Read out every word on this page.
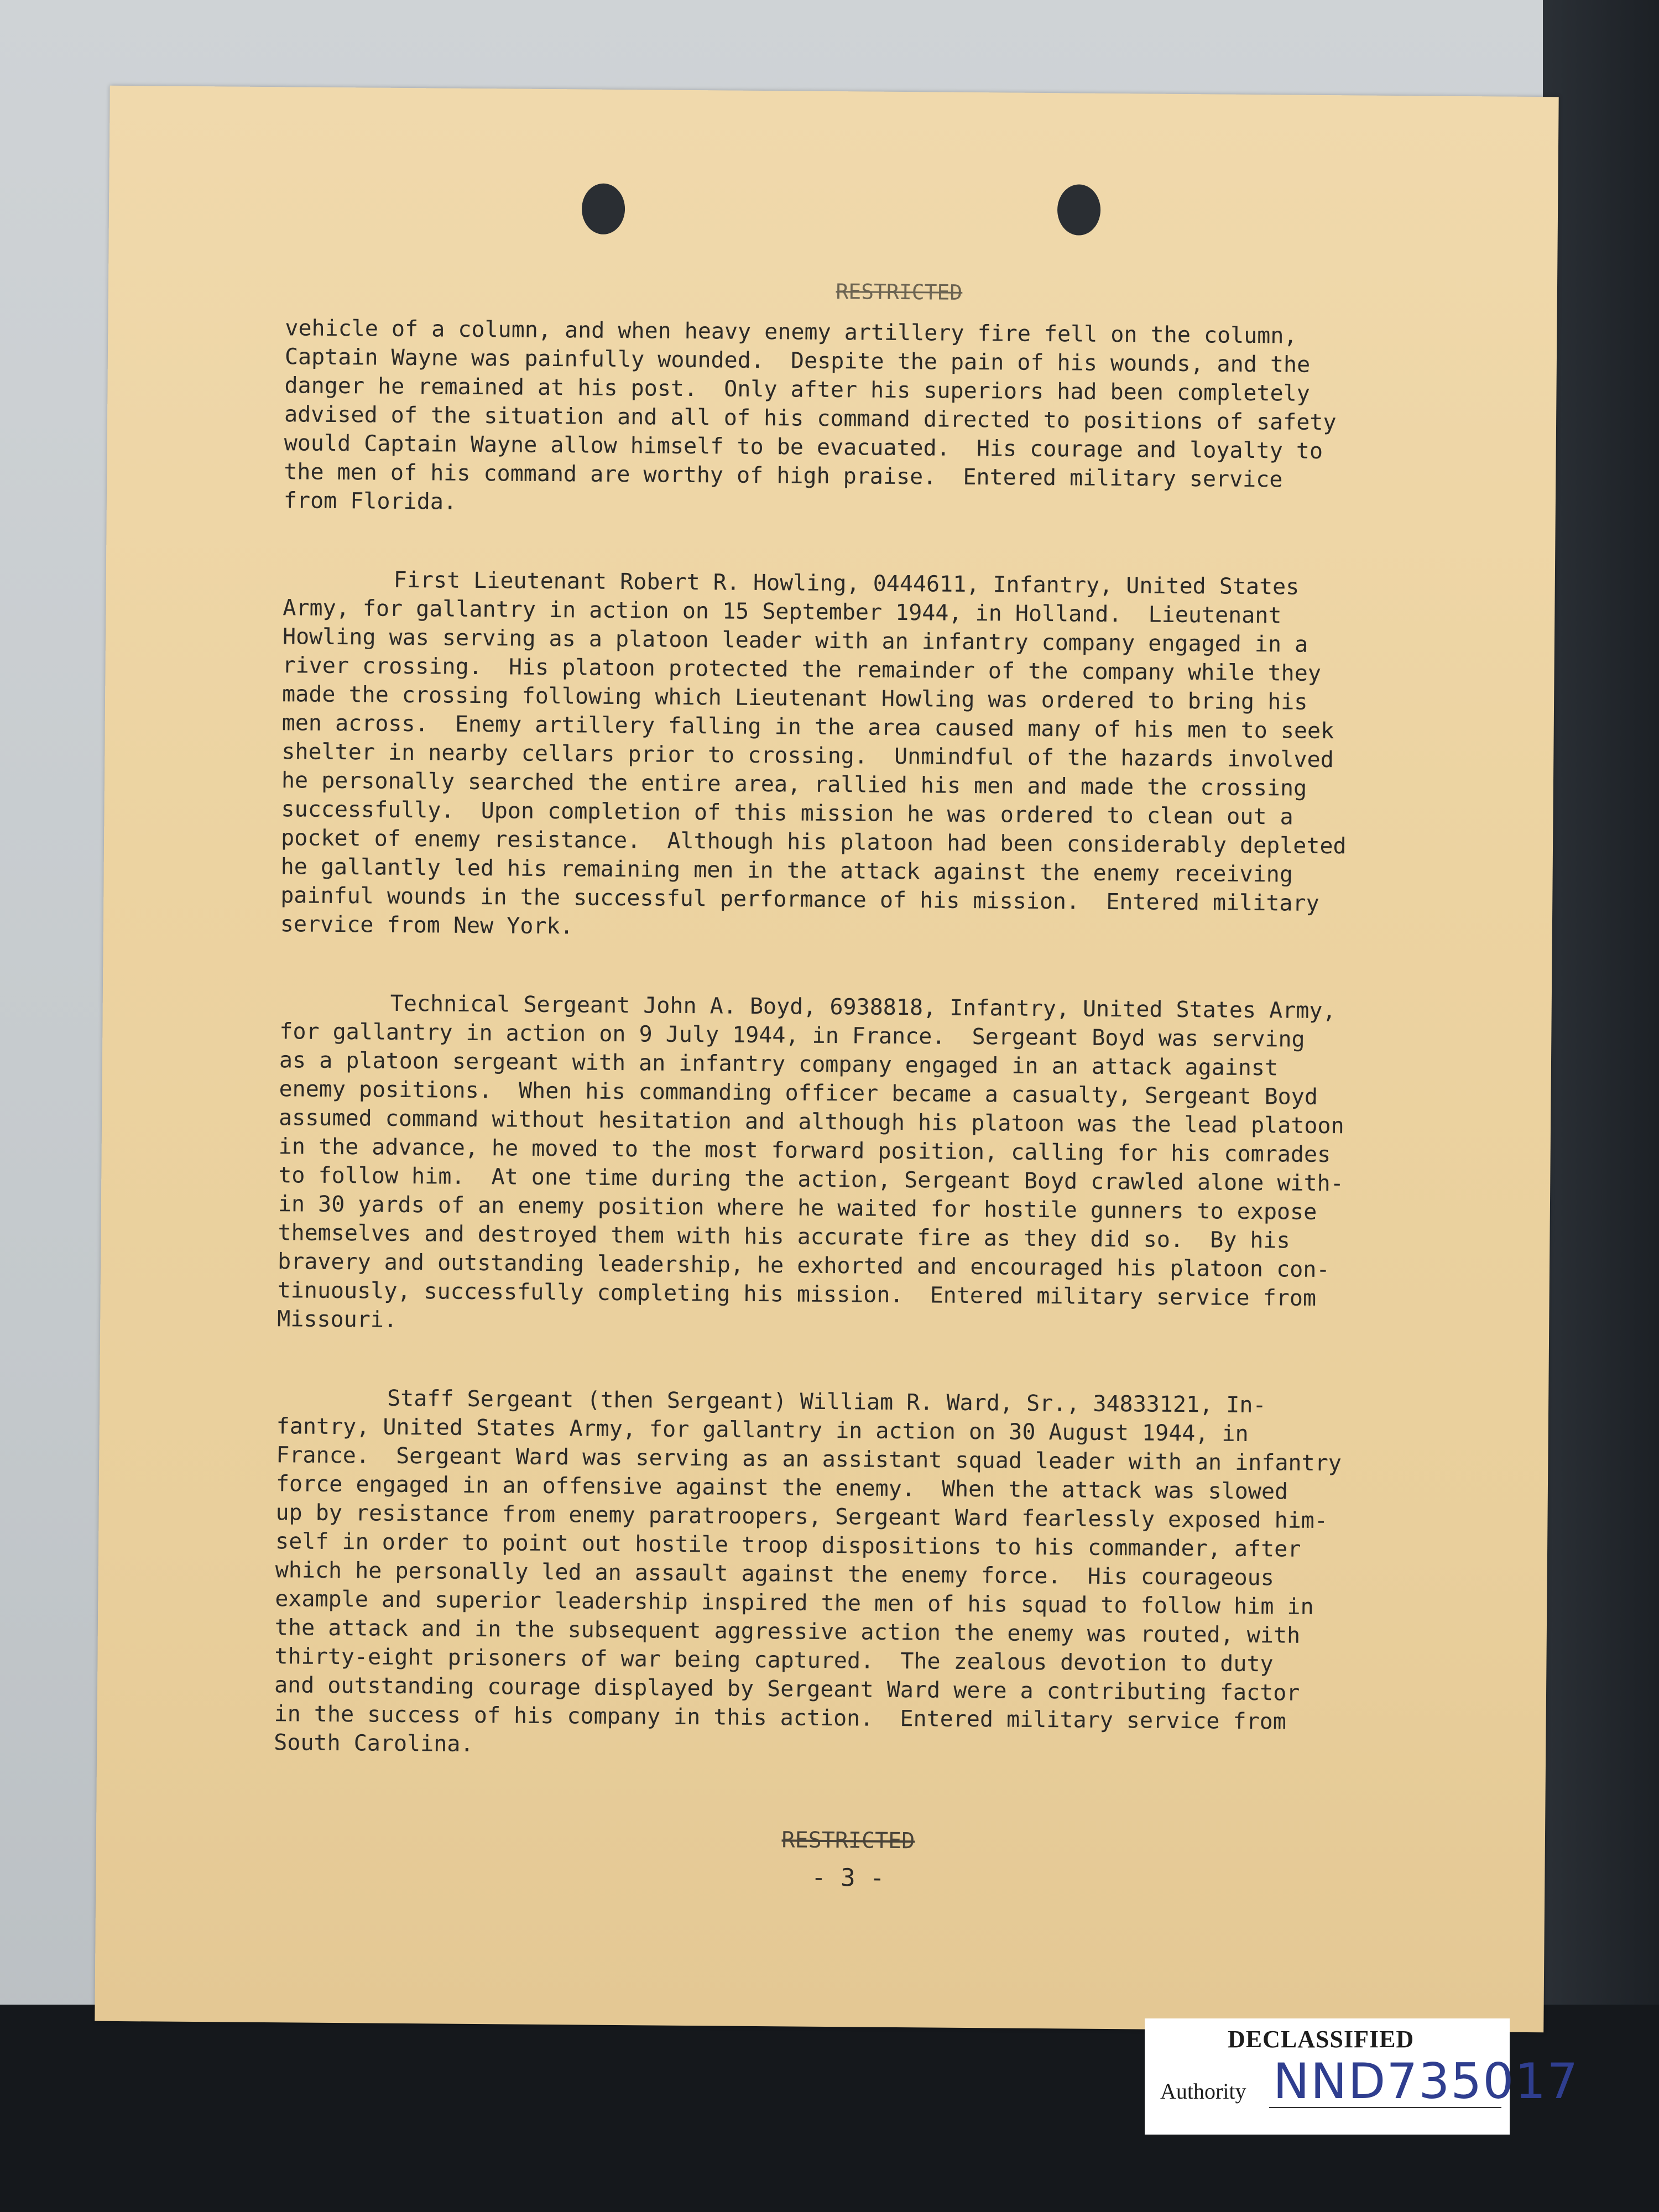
RESTRICTED
vehicle of a column, and when heavy enemy artillery fire fell on the column,
Captain Wayne was painfully wounded.  Despite the pain of his wounds, and the
danger he remained at his post.  Only after his superiors had been completely
advised of the situation and all of his command directed to positions of safety
would Captain Wayne allow himself to be evacuated.  His courage and loyalty to
the men of his command are worthy of high praise.  Entered military service
from Florida.
First Lieutenant Robert R. Howling, 0444611, Infantry, United States
Army, for gallantry in action on 15 September 1944, in Holland.  Lieutenant
Howling was serving as a platoon leader with an infantry company engaged in a
river crossing.  His platoon protected the remainder of the company while they
made the crossing following which Lieutenant Howling was ordered to bring his
men across.  Enemy artillery falling in the area caused many of his men to seek
shelter in nearby cellars prior to crossing.  Unmindful of the hazards involved
he personally searched the entire area, rallied his men and made the crossing
successfully.  Upon completion of this mission he was ordered to clean out a
pocket of enemy resistance.  Although his platoon had been considerably depleted
he gallantly led his remaining men in the attack against the enemy receiving
painful wounds in the successful performance of his mission.  Entered military
service from New York.
Technical Sergeant John A. Boyd, 6938818, Infantry, United States Army,
for gallantry in action on 9 July 1944, in France.  Sergeant Boyd was serving
as a platoon sergeant with an infantry company engaged in an attack against
enemy positions.  When his commanding officer became a casualty, Sergeant Boyd
assumed command without hesitation and although his platoon was the lead platoon
in the advance, he moved to the most forward position, calling for his comrades
to follow him.  At one time during the action, Sergeant Boyd crawled alone with-
in 30 yards of an enemy position where he waited for hostile gunners to expose
themselves and destroyed them with his accurate fire as they did so.  By his
bravery and outstanding leadership, he exhorted and encouraged his platoon con-
tinuously, successfully completing his mission.  Entered military service from
Missouri.
Staff Sergeant (then Sergeant) William R. Ward, Sr., 34833121, In-
fantry, United States Army, for gallantry in action on 30 August 1944, in
France.  Sergeant Ward was serving as an assistant squad leader with an infantry
force engaged in an offensive against the enemy.  When the attack was slowed
up by resistance from enemy paratroopers, Sergeant Ward fearlessly exposed him-
self in order to point out hostile troop dispositions to his commander, after
which he personally led an assault against the enemy force.  His courageous
example and superior leadership inspired the men of his squad to follow him in
the attack and in the subsequent aggressive action the enemy was routed, with
thirty-eight prisoners of war being captured.  The zealous devotion to duty
and outstanding courage displayed by Sergeant Ward were a contributing factor
in the success of his company in this action.  Entered military service from
South Carolina.
RESTRICTED
- 3 -
DECLASSIFIED
Authority NND735017
